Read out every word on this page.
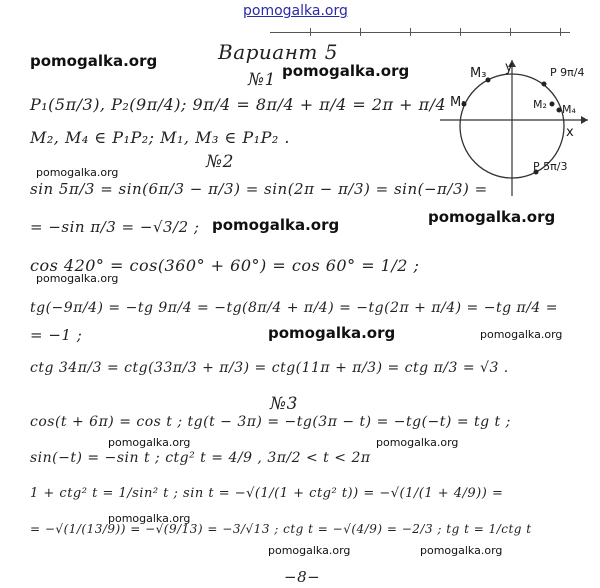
pomogalka.org
Вариант 5
№1
pomogalka.org
pomogalka.org
P₁(5π/3), P₂(9π/4); 9π/4 = 8π/4 + π/4 = 2π + π/4
M₂, M₄ ∈ P₁P₂; M₁, M₃ ∈ P₁P₂ .
M₃ y	P 9π/4
M₁	M₂ M₄
x
P 5π/3
№2
pomogalka.org
sin 5π/3 = sin(6π/3 − π/3) = sin(2π − π/3) = sin(−π/3) =
pomogalka.org
= −sin π/3 = −√3/2 ; pomogalka.org
cos 420° = cos(360° + 60°) = cos 60° = 1/2 ;
pomogalka.org
tg(−9π/4) = −tg 9π/4 = −tg(8π/4 + π/4) = −tg(2π + π/4) = −tg π/4 =
= −1 ;	pomogalka.org	pomogalka.org
ctg 34π/3 = ctg(33π/3 + π/3) = ctg(11π + π/3) = ctg π/3 = √3 .
№3
cos(t + 6π) = cos t ; tg(t − 3π) = −tg(3π − t) = −tg(−t) = tg t ;
pomogalka.org	pomogalka.org
sin(−t) = −sin t ; ctg² t = 4/9 , 3π/2 < t < 2π
1 + ctg² t = 1/sin² t ; sin t = −√(1/(1 + ctg² t)) = −√(1/(1 + 4/9)) =
pomogalka.org
= −√(1/(13/9)) = −√(9/13) = −3/√13 ; ctg t = −√(4/9) = −2/3 ; tg t = 1/ctg t
pomogalka.org	pomogalka.org
−8−
